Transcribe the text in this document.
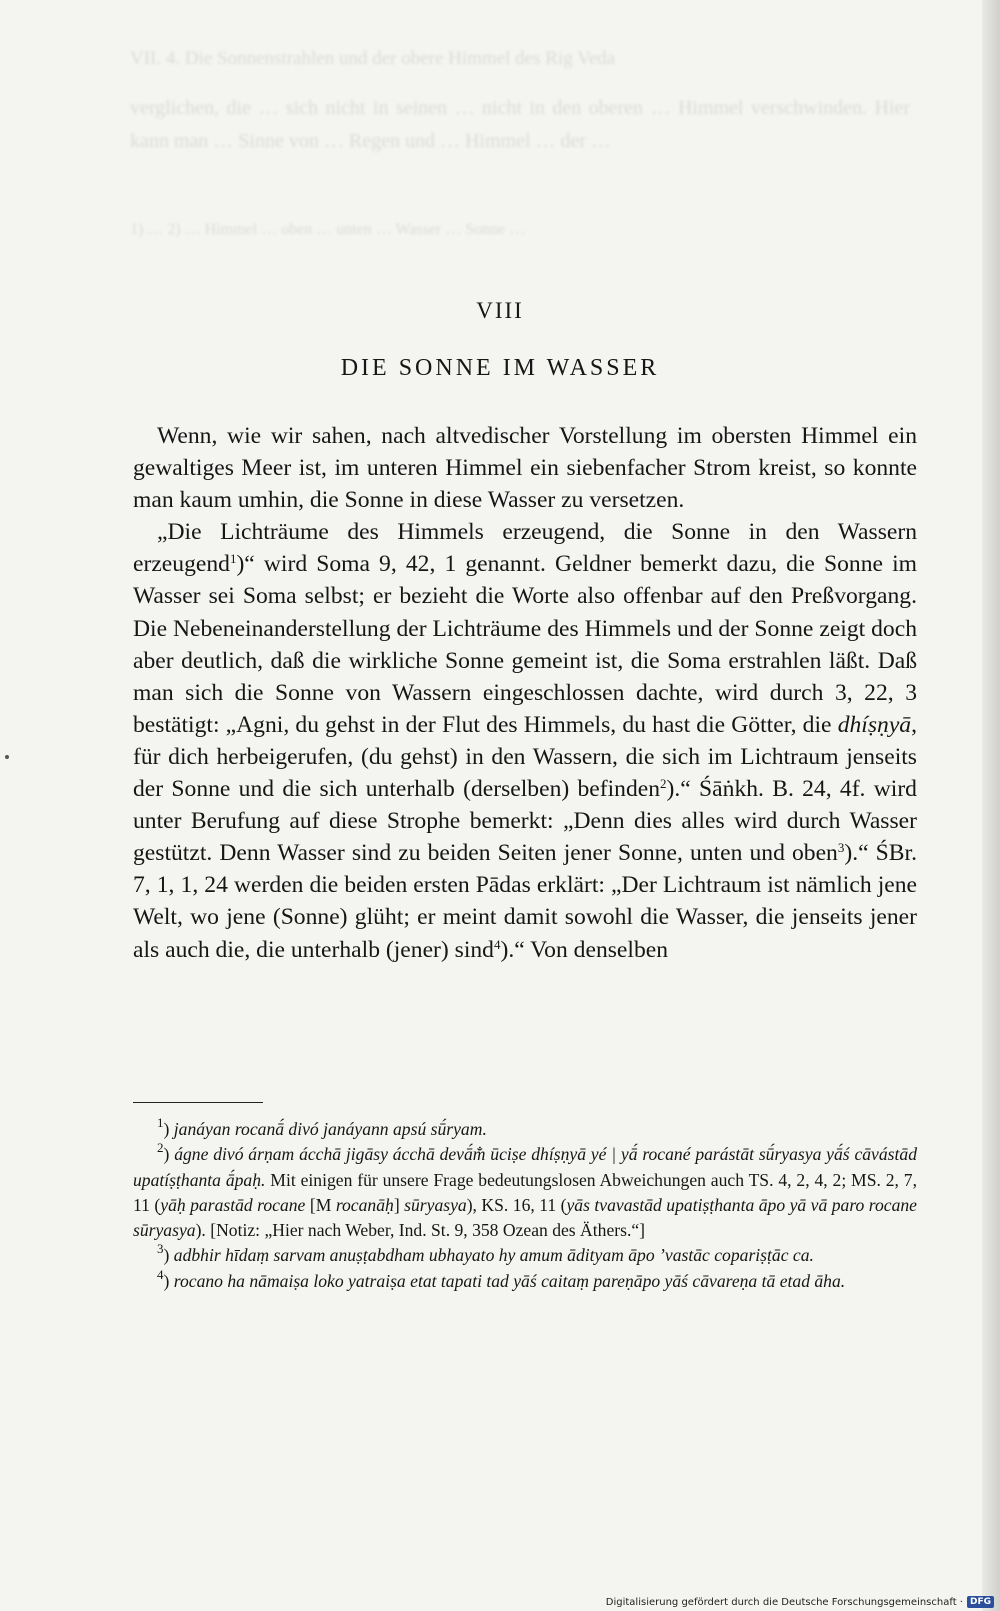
VII. 4. Die Sonnenstrahlen und der obere Himmel des Rig Veda
verglichen, die … sich nicht in seinen … nicht in den oberen … Himmel verschwinden. Hier kann man … Sinne von … Regen und … Himmel … der …
1) … 2) … Himmel … oben … unten … Wasser … Sonne …
VIII
DIE SONNE IM WASSER

Wenn, wie wir sahen, nach altvedischer Vorstellung im obersten Himmel ein gewaltiges Meer ist, im unteren Himmel ein siebenfacher Strom kreist, so konnte man kaum umhin, die Sonne in diese Wasser zu versetzen.

„Die Lichträume des Himmels erzeugend, die Sonne in den Wassern erzeugend$^1$)“ wird Soma 9, 42, 1 genannt. Geldner bemerkt dazu, die Sonne im Wasser sei Soma selbst; er bezieht die Worte also offenbar auf den Preßvorgang. Die Nebeneinanderstellung der Lichträume des Himmels und der Sonne zeigt doch aber deutlich, daß die wirkliche Sonne gemeint ist, die Soma erstrahlen läßt. Daß man sich die Sonne von Wassern eingeschlossen dachte, wird durch 3, 22, 3 bestätigt: „Agni, du gehst in der Flut des Himmels, du hast die Götter, die dhíṣṇyā, für dich herbeigerufen, (du gehst) in den Wassern, die sich im Lichtraum jenseits der Sonne und die sich unterhalb (derselben) befinden$^2$).“ Śāṅkh. B. 24, 4f. wird unter Berufung auf diese Strophe bemerkt: „Denn dies alles wird durch Wasser gestützt. Denn Wasser sind zu beiden Seiten jener Sonne, unten und oben$^3$).“ ŚBr. 7, 1, 1, 24 werden die beiden ersten Pādas erklärt: „Der Lichtraum ist nämlich jene Welt, wo jene (Sonne) glüht; er meint damit sowohl die Wasser, die jenseits jener als auch die, die unterhalb (jener) sind$^4$).“ Von denselben

$^1$) janáyan rocanā́ divó janáyann apsú sū́ryam.

$^2$) ágne divó árṇam ácchā jigāsy ácchā devā́m̐ ūciṣe dhíṣṇyā yé | yā́ rocané parástāt sū́ryasya yā́ś cāvástād upatíṣṭhanta ā́paḥ. Mit einigen für unsere Frage bedeutungslosen Abweichungen auch TS. 4, 2, 4, 2; MS. 2, 7, 11 (yāḥ parastād rocane [M rocanāḥ] sūryasya), KS. 16, 11 (yās tvavastād upatiṣṭhanta āpo yā vā paro rocane sūryasya). [Notiz: „Hier nach Weber, Ind. St. 9, 358 Ozean des Äthers.“]

$^3$) adbhir hīdaṃ sarvam anuṣṭabdham ubhayato hy amum ādityam āpo ’vastāc copariṣṭāc ca.

$^4$) rocano ha nāmaiṣa loko yatraiṣa etat tapati tad yāś caitaṃ pareṇāpo yāś cāvareṇa tā etad āha.

Digitalisierung gefördert durch die Deutsche Forschungsgemeinschaft · DFG
